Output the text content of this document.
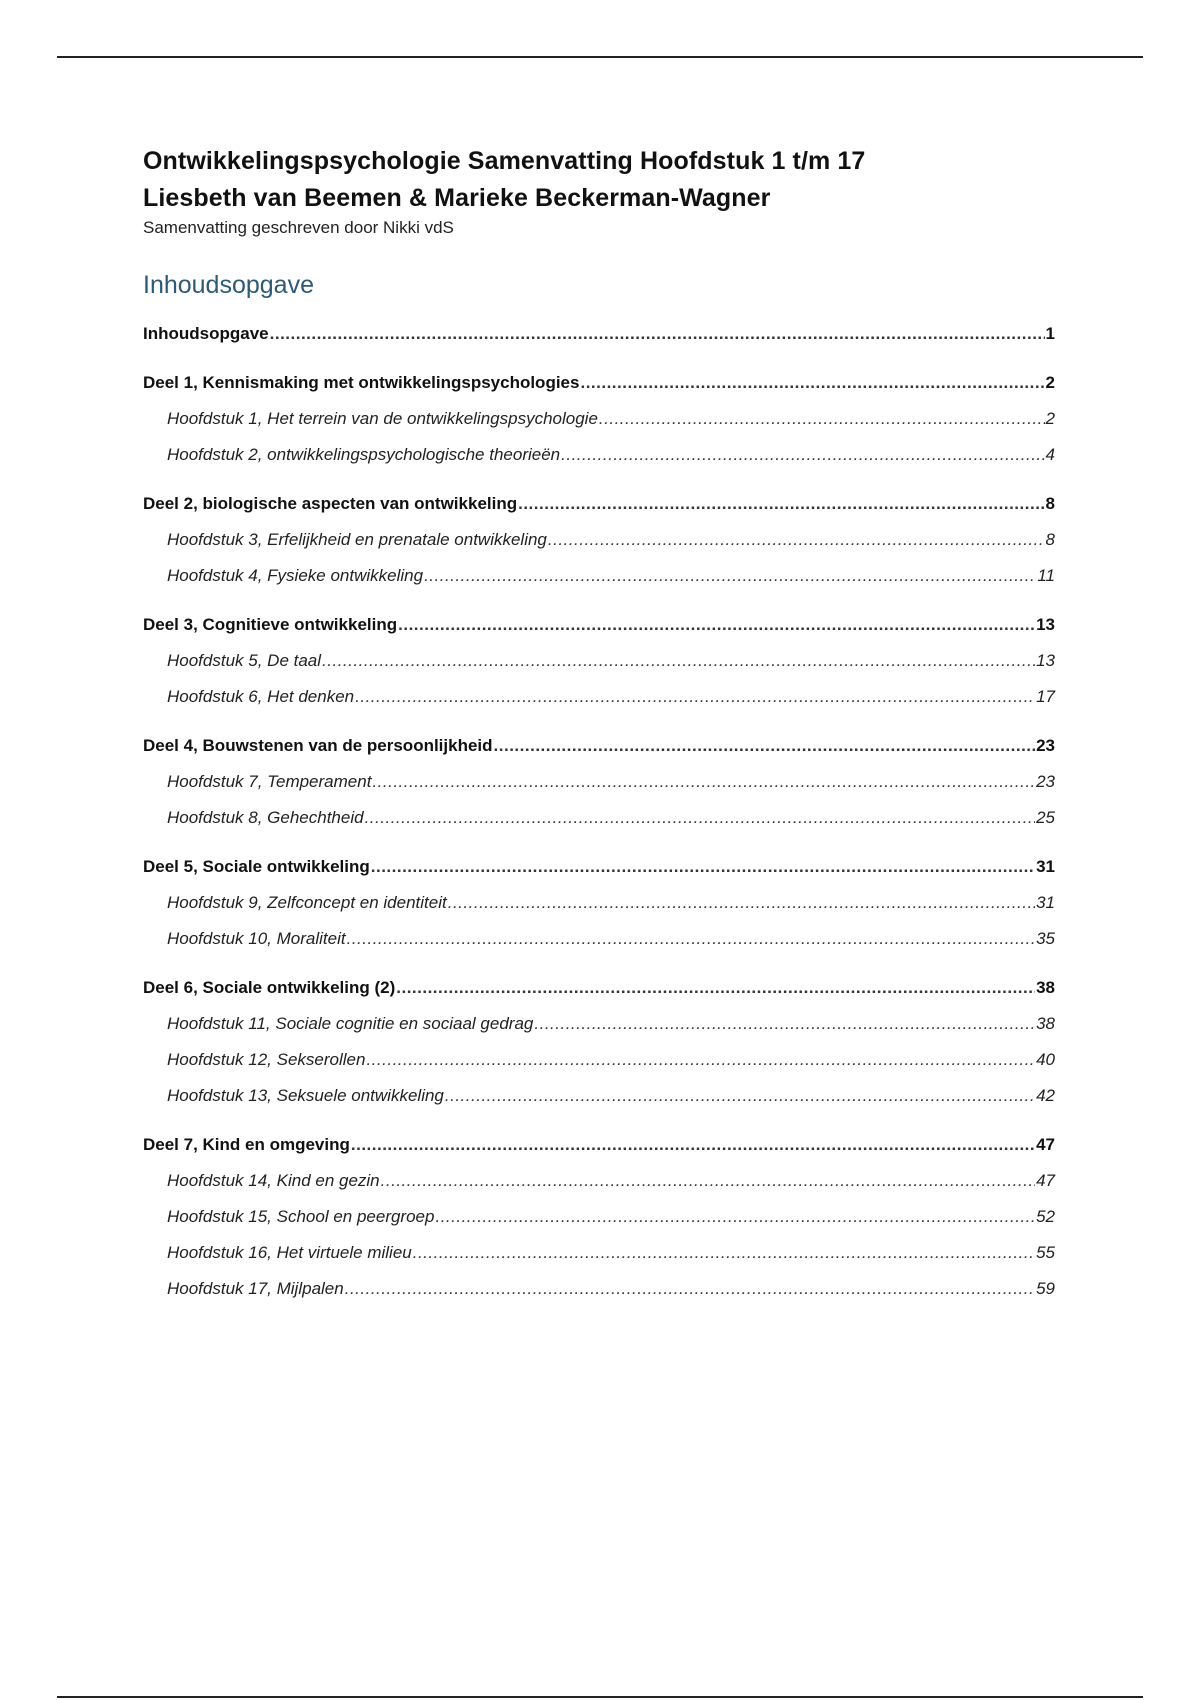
Ontwikkelingspsychologie Samenvatting Hoofdstuk 1 t/m 17
Liesbeth van Beemen & Marieke Beckerman-Wagner
Samenvatting geschreven door Nikki vdS
Inhoudsopgave
Inhoudsopgave .....	1
Deel 1, Kennismaking met ontwikkelingspsychologies .....	2
Hoofdstuk 1, Het terrein van de ontwikkelingspsychologie .....	2
Hoofdstuk 2, ontwikkelingspsychologische theorieën .....	4
Deel 2, biologische aspecten van ontwikkeling .....	8
Hoofdstuk 3, Erfelijkheid en prenatale ontwikkeling .....	8
Hoofdstuk 4, Fysieke ontwikkeling .....	11
Deel 3, Cognitieve ontwikkeling .....	13
Hoofdstuk 5, De taal .....	13
Hoofdstuk 6, Het denken .....	17
Deel 4, Bouwstenen van de persoonlijkheid .....	23
Hoofdstuk 7, Temperament .....	23
Hoofdstuk 8, Gehechtheid .....	25
Deel 5, Sociale ontwikkeling .....	31
Hoofdstuk 9, Zelfconcept en identiteit .....	31
Hoofdstuk 10, Moraliteit .....	35
Deel 6, Sociale ontwikkeling (2) .....	38
Hoofdstuk 11, Sociale cognitie en sociaal gedrag .....	38
Hoofdstuk 12, Sekserollen .....	40
Hoofdstuk 13, Seksuele ontwikkeling .....	42
Deel 7, Kind en omgeving .....	47
Hoofdstuk 14, Kind en gezin .....	47
Hoofdstuk 15, School en peergroep .....	52
Hoofdstuk 16, Het virtuele milieu .....	55
Hoofdstuk 17, Mijlpalen .....	59
